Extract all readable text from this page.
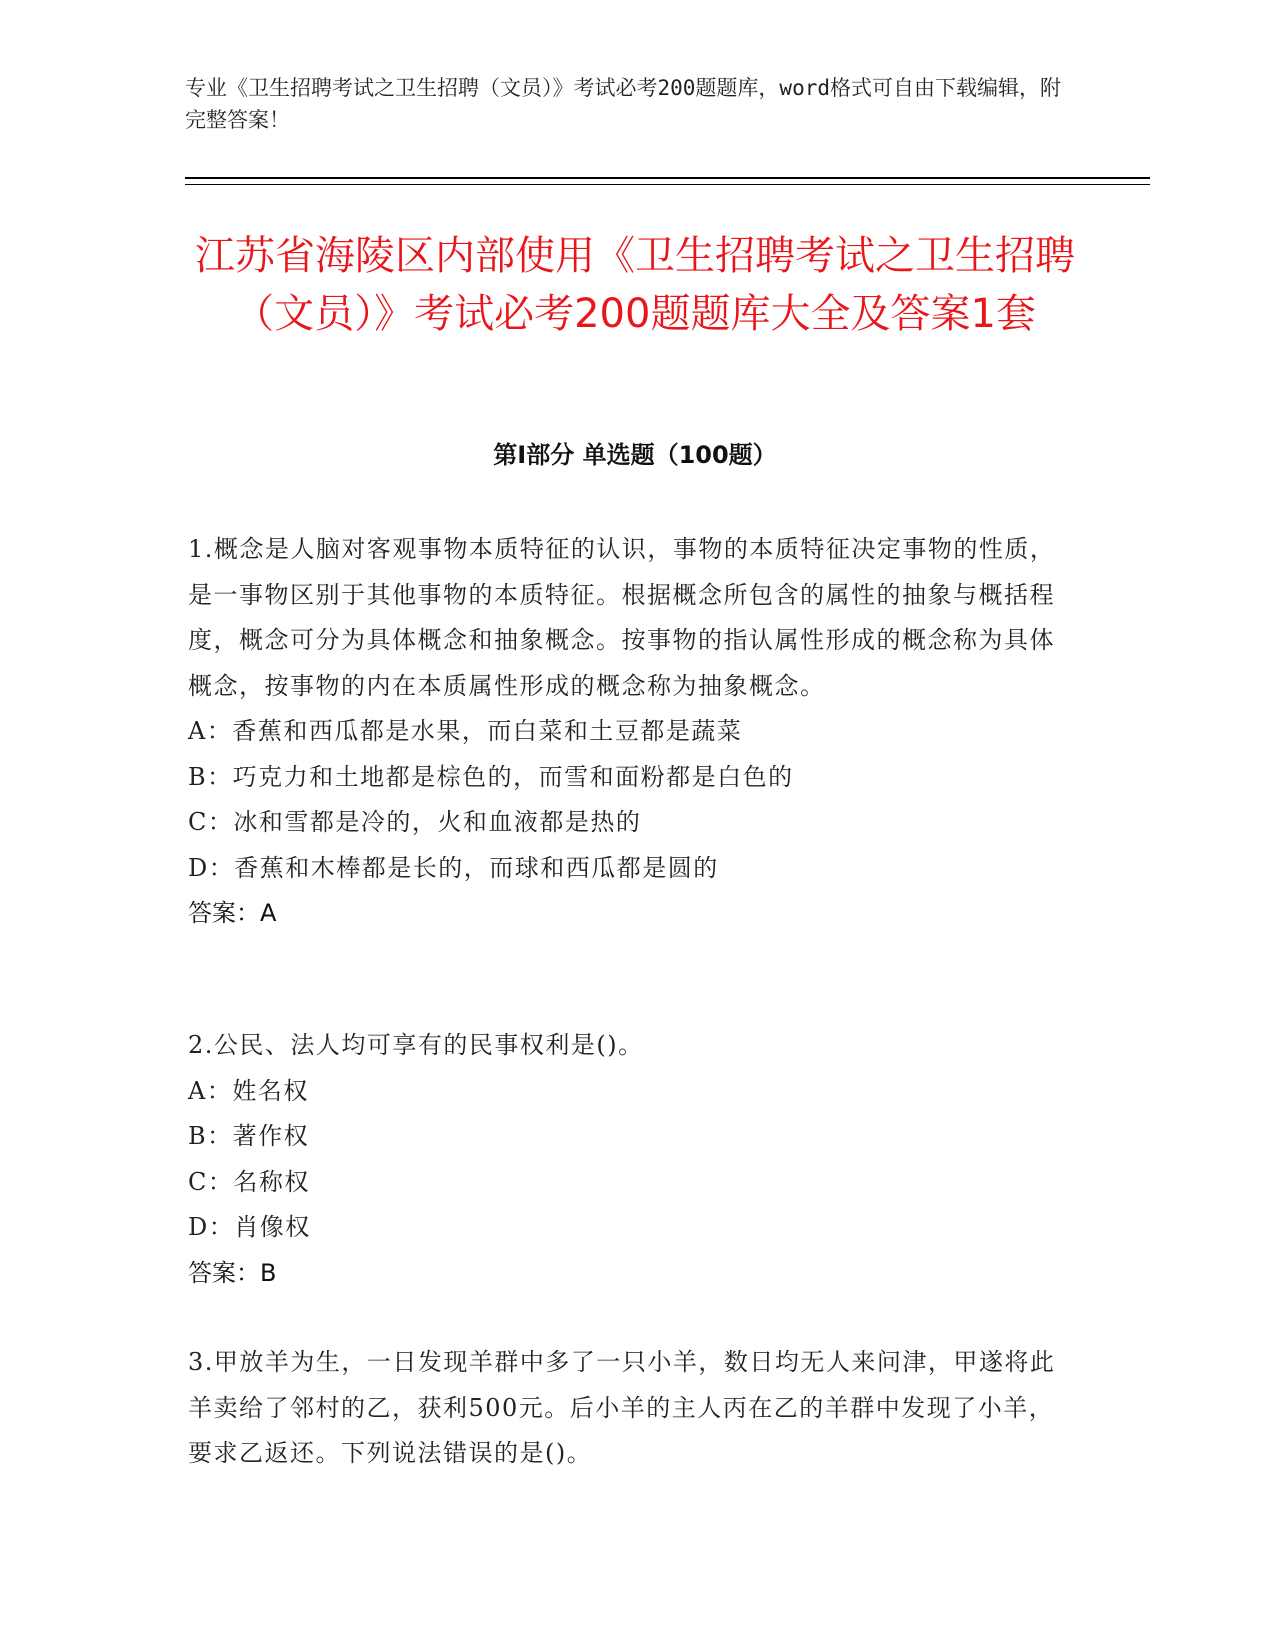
专业《卫生招聘考试之卫生招聘（文员）》考试必考200题题库，word格式可自由下载编辑，附完整答案！
江苏省海陵区内部使用《卫生招聘考试之卫生招聘（文员）》考试必考200题题库大全及答案1套
第I部分 单选题（100题）

1.概念是人脑对客观事物本质特征的认识，事物的本质特征决定事物的性质，是一事物区别于其他事物的本质特征。根据概念所包含的属性的抽象与概括程度，概念可分为具体概念和抽象概念。按事物的指认属性形成的概念称为具体概念，按事物的内在本质属性形成的概念称为抽象概念。

A：香蕉和西瓜都是水果，而白菜和土豆都是蔬菜

B：巧克力和土地都是棕色的，而雪和面粉都是白色的

C：冰和雪都是冷的，火和血液都是热的

D：香蕉和木棒都是长的，而球和西瓜都是圆的

答案：A

2.公民、法人均可享有的民事权利是()。

A：姓名权

B：著作权

C：名称权

D：肖像权

答案：B

3.甲放羊为生，一日发现羊群中多了一只小羊，数日均无人来问津，甲遂将此羊卖给了邻村的乙，获利500元。后小羊的主人丙在乙的羊群中发现了小羊，要求乙返还。下列说法错误的是()。
